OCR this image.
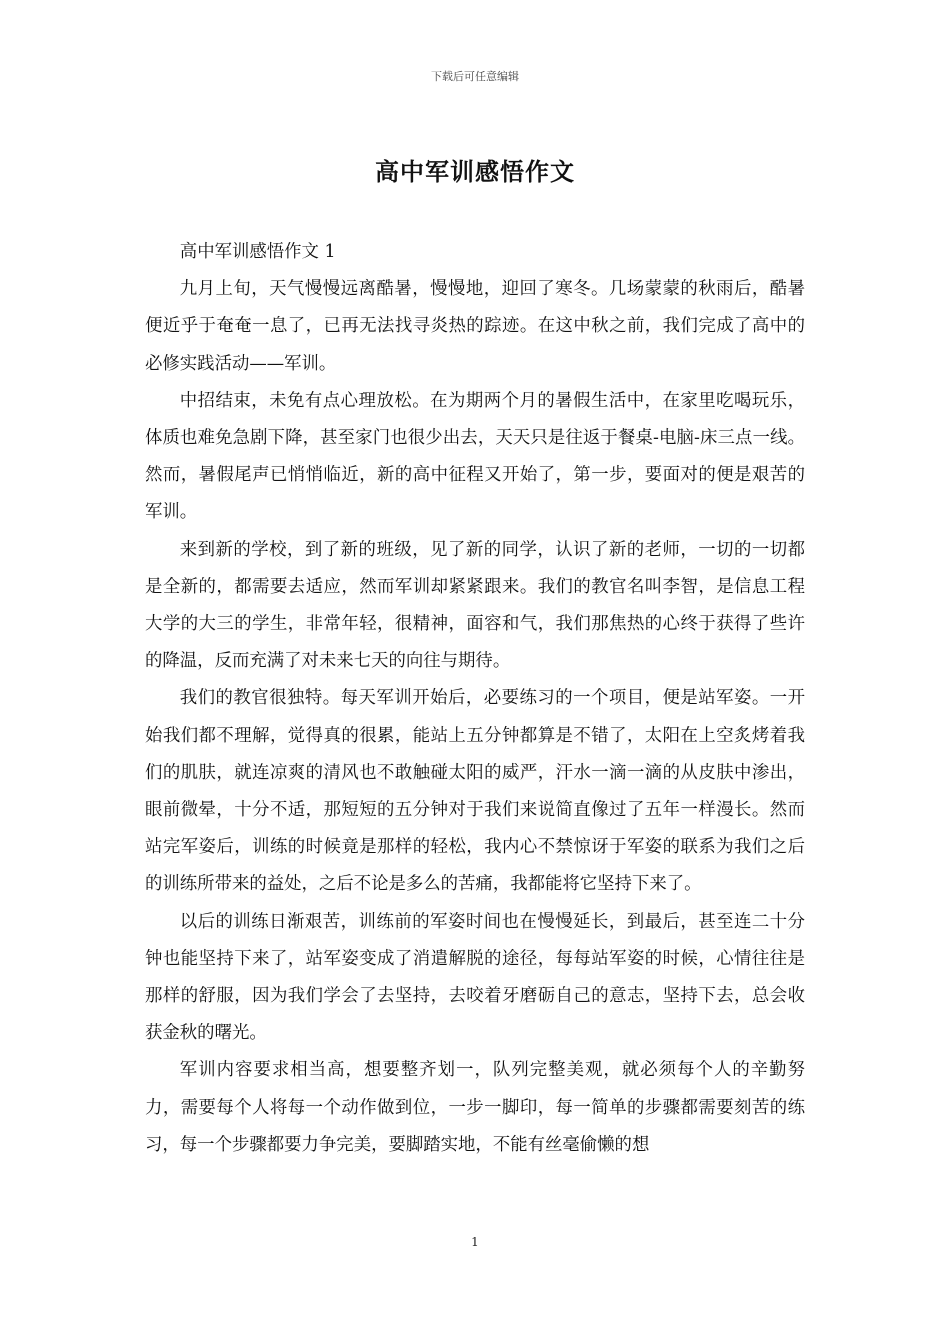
下载后可任意编辑
高中军训感悟作文

高中军训感悟作文 1

九月上旬，天气慢慢远离酷暑，慢慢地，迎回了寒冬。几场蒙蒙的秋雨后，酷暑便近乎于奄奄一息了，已再无法找寻炎热的踪迹。在这中秋之前，我们完成了高中的必修实践活动——军训。

中招结束，未免有点心理放松。在为期两个月的暑假生活中，在家里吃喝玩乐，体质也难免急剧下降，甚至家门也很少出去，天天只是往返于餐桌-电脑-床三点一线。然而，暑假尾声已悄悄临近，新的高中征程又开始了，第一步，要面对的便是艰苦的军训。

来到新的学校，到了新的班级，见了新的同学，认识了新的老师，一切的一切都是全新的，都需要去适应，然而军训却紧紧跟来。我们的教官名叫李智，是信息工程大学的大三的学生，非常年轻，很精神，面容和气，我们那焦热的心终于获得了些许的降温，反而充满了对未来七天的向往与期待。

我们的教官很独特。每天军训开始后，必要练习的一个项目，便是站军姿。一开始我们都不理解，觉得真的很累，能站上五分钟都算是不错了，太阳在上空炙烤着我们的肌肤，就连凉爽的清风也不敢触碰太阳的威严，汗水一滴一滴的从皮肤中渗出，眼前微晕，十分不适，那短短的五分钟对于我们来说简直像过了五年一样漫长。然而站完军姿后，训练的时候竟是那样的轻松，我内心不禁惊讶于军姿的联系为我们之后的训练所带来的益处，之后不论是多么的苦痛，我都能将它坚持下来了。

以后的训练日渐艰苦，训练前的军姿时间也在慢慢延长，到最后，甚至连二十分钟也能坚持下来了，站军姿变成了消遣解脱的途径，每每站军姿的时候，心情往往是那样的舒服，因为我们学会了去坚持，去咬着牙磨砺自己的意志，坚持下去，总会收获金秋的曙光。

军训内容要求相当高，想要整齐划一，队列完整美观，就必须每个人的辛勤努力，需要每个人将每一个动作做到位，一步一脚印，每一简单的步骤都需要刻苦的练习，每一个步骤都要力争完美，要脚踏实地，不能有丝毫偷懒的想

1
